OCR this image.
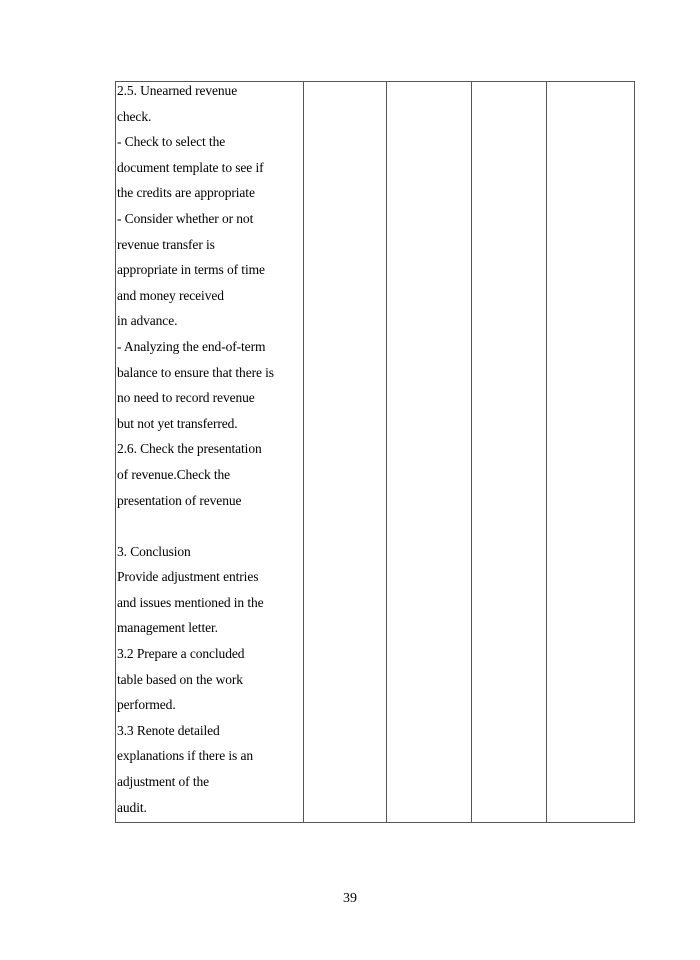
2.5. Unearned revenue
check.
- Check to select the
document template to see if
the credits are appropriate
- Consider whether or not
revenue transfer is
appropriate in terms of time
and money received
in advance.
- Analyzing the end-of-term
balance to ensure that there is
no need to record revenue
but not yet transferred.
2.6. Check the presentation
of revenue.Check the
presentation of revenue
3. Conclusion
Provide adjustment entries
and issues mentioned in the
management letter.
3.2 Prepare a concluded
table based on the work
performed.
3.3 Renote detailed
explanations if there is an
adjustment of the
audit.
39
